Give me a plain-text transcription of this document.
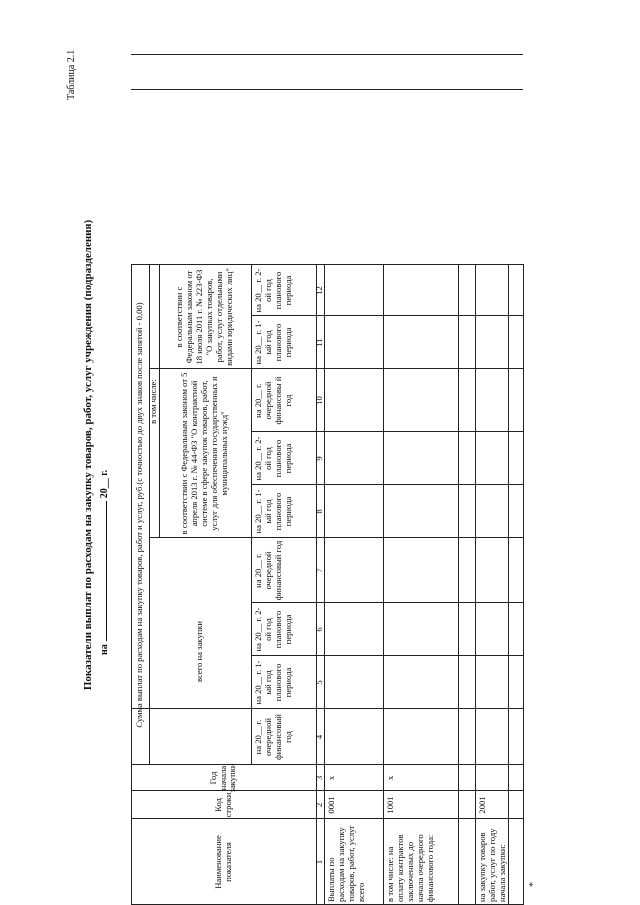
Таблица 2.1
Показатели выплат по расходам на закупку товаров, работ, услуг учреждения (подразделения) на20__ г.
*
Наименование показателя
Код строки
Год начала закупки
Сумма выплат по расходам на закупку товаров, работ и услуг, руб.(с точностью до двух знаков после запятой - 0,00)	всего на закупки
в том числе:	в соответствии с Федеральным законом от 5 апреля 2013 г. № 44-ФЗ "О контрактной системе в сфере закупок товаров, работ, услуг для обеспечения государственных и муниципальных нужд"
в соответствии с Федеральным законом от 18 июля 2011 г. № 223-ФЗ "О закупках товаров, работ, услуг отдельными видами юридических лиц"
на 20__ г. очередной финансовый год
на 20__ г. 1-ый год планового периода
на 20__ г. 2-ой год планового периода
на 20__ г. очередной финансовый год
на 20__ г. 1-ый год планового периода
на 20__ г. 2-ой год планового периода
на 20__ г. очередной финансовы й год
на 20__ г. 1-ый год планового периода
на 20__ г. 2-ой год планового периода
1
2
3
4
5
6
7
8
9
10
11
12
Выплаты по расходам на закупку товаров, работ, услуг всего
0001
x
в том числе: на оплату контрактов заключенных до начала очередного финансового года:
1001
x
на закупку товаров работ, услуг по году начала закупки:
2001
